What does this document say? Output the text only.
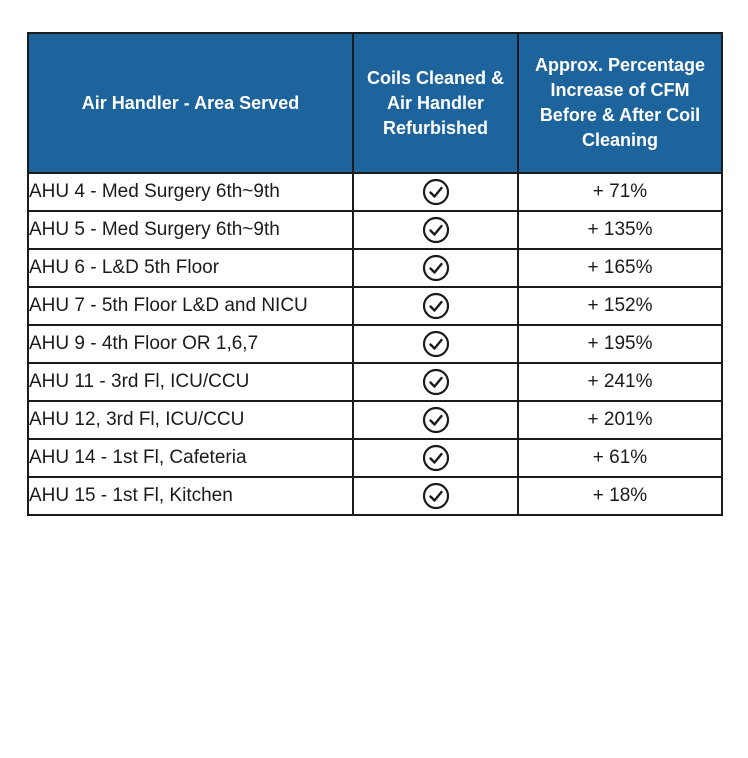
Air Handler - Area Served	Coils Cleaned & Air Handler Refurbished	Approx. Percentage Increase of CFM Before & After Coil Cleaning
AHU 4 - Med Surgery 6th~9th		+ 71%
AHU 5 - Med Surgery 6th~9th		+ 135%
AHU 6 - L&D 5th Floor		+ 165%
AHU 7 - 5th Floor L&D and NICU		+ 152%
AHU 9 - 4th Floor OR 1,6,7		+ 195%
AHU 11 - 3rd Fl, ICU/CCU		+ 241%
AHU 12, 3rd Fl, ICU/CCU		+ 201%
AHU 14 - 1st Fl, Cafeteria		+ 61%
AHU 15 - 1st Fl, Kitchen		+ 18%
